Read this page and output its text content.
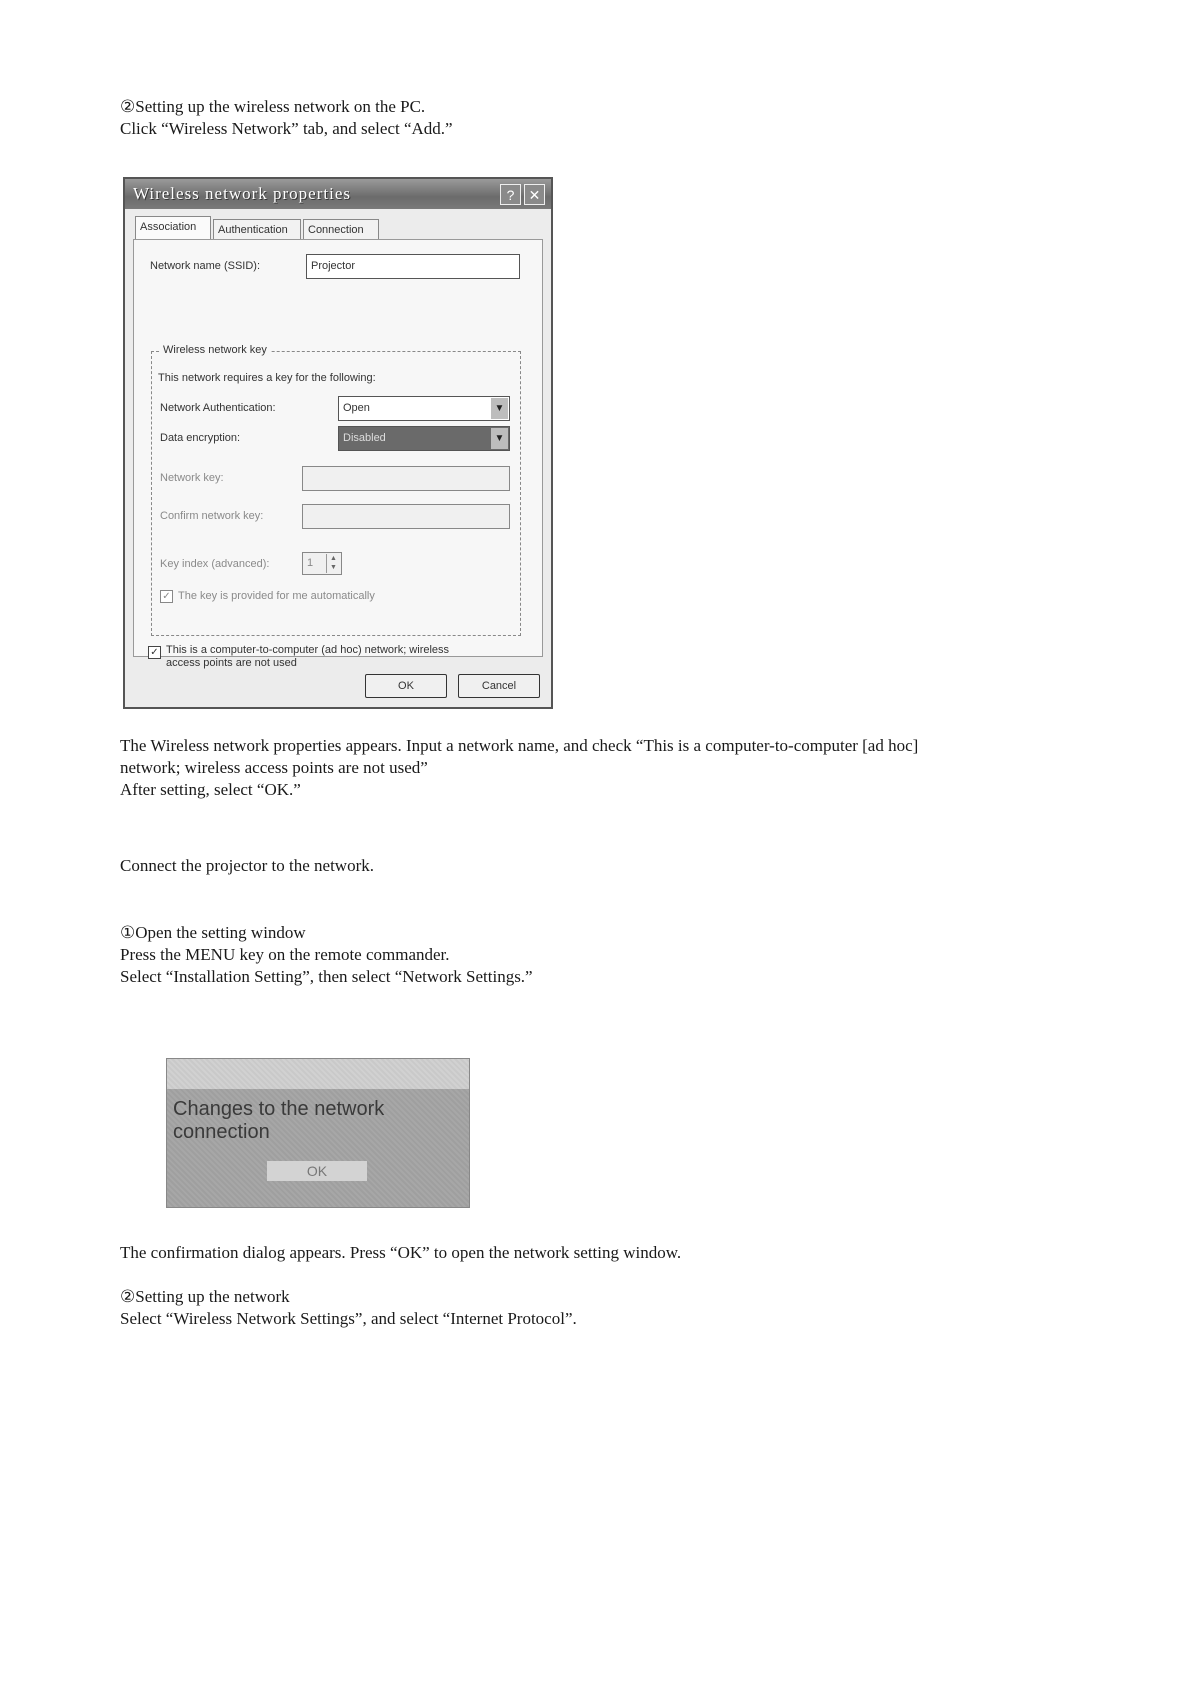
②Setting up the wireless network on the PC.
Click “Wireless Network” tab, and select “Add.”

Wireless network properties	?	✕
Association	Authentication	Connection
Network name (SSID):	Projector
Wireless network key
This network requires a key for the following:
Network Authentication:	Open	▼
Data encryption:	Disabled	▼
Network key:
Confirm network key:
Key index (advanced):	1	▲
▼
✓ The key is provided for me automatically
✓ This is a computer-to-computer (ad hoc) network; wireless
access points are not used
OK	Cancel

The Wireless network properties appears. Input a network name, and check “This is a computer-to-computer [ad hoc]
network; wireless access points are not used”
After setting, select “OK.”

Connect the projector to the network.

①Open the setting window
Press the MENU key on the remote commander.
Select “Installation Setting”, then select “Network Settings.”

Changes to the network connection
OK

The confirmation dialog appears. Press “OK” to open the network setting window.

②Setting up the network
Select “Wireless Network Settings”, and select “Internet Protocol”.
